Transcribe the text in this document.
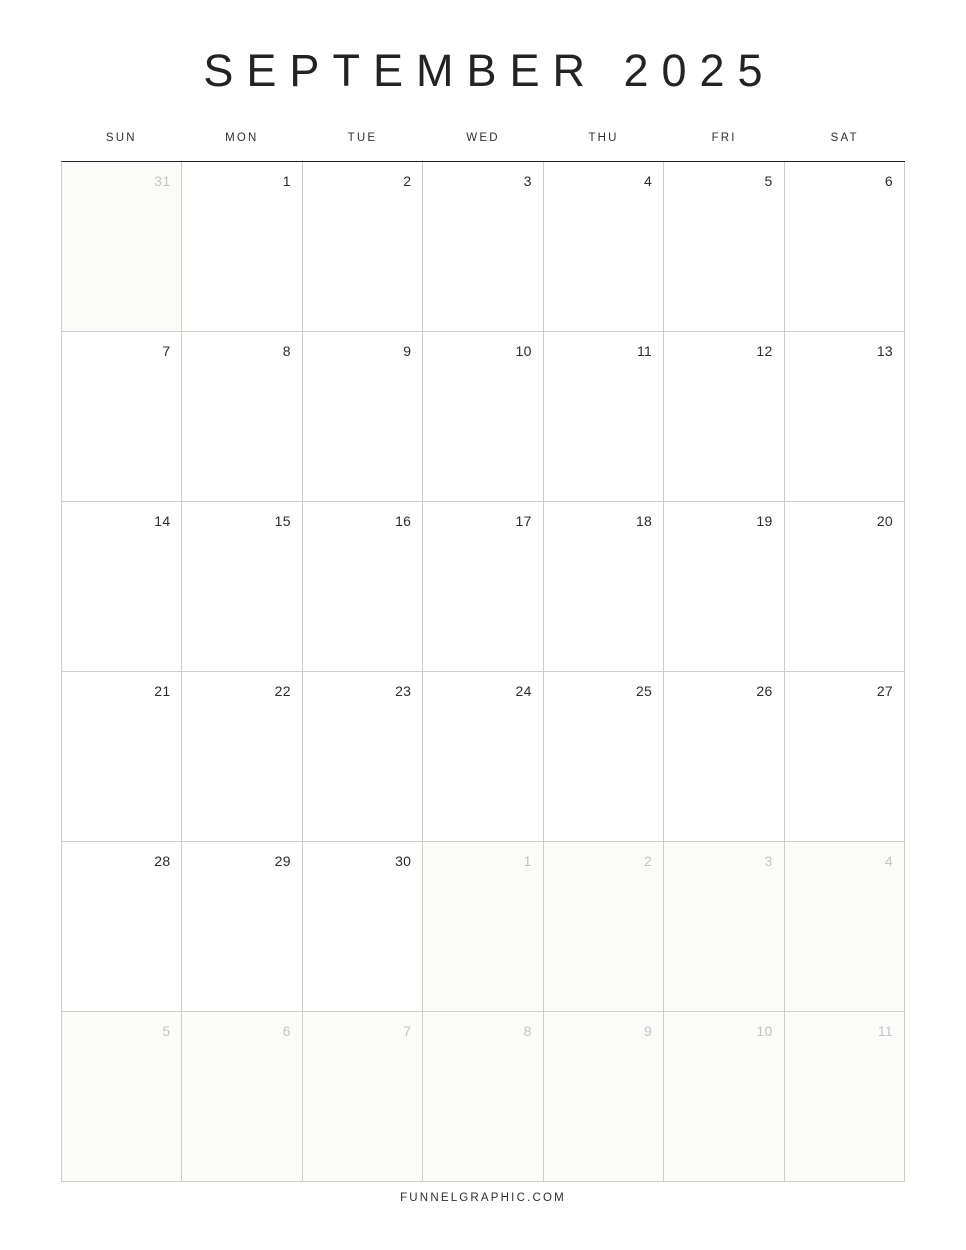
SEPTEMBER 2025
SUN	MON	TUE	WED	THU	FRI	SAT
31	1	2	3	4	5	6
7	8	9	10	11	12	13
14	15	16	17	18	19	20
21	22	23	24	25	26	27
28	29	30	1	2	3	4
5	6	7	8	9	10	11
FUNNELGRAPHIC.COM
